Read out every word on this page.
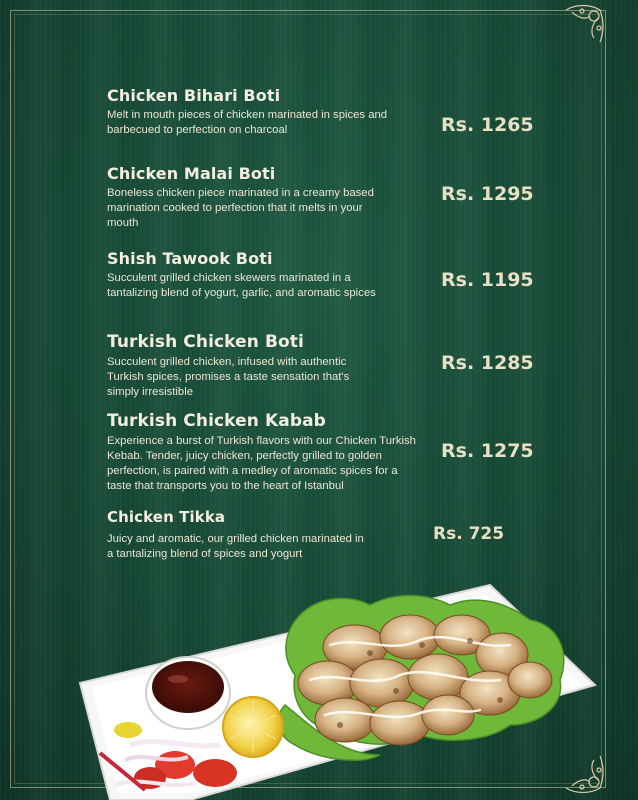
Chicken Bihari Boti
Melt in mouth pieces of chicken marinated in spices and barbecued to perfection on charcoal	Rs. 1265
Chicken Malai Boti
Boneless chicken piece marinated in a creamy based marination cooked to perfection that it melts in your mouth
Rs. 1295
Shish Tawook Boti
Succulent grilled chicken skewers marinated in a tantalizing blend of yogurt, garlic, and aromatic spices
Rs. 1195
Turkish Chicken Boti
Succulent grilled chicken, infused with authentic Turkish spices, promises a taste sensation that's simply irresistible
Rs. 1285
Turkish Chicken Kabab
Experience a burst of Turkish flavors with our Chicken Turkish Kebab. Tender, juicy chicken, perfectly grilled to golden perfection, is paired with a medley of aromatic spices for a taste that transports you to the heart of Istanbul
Rs. 1275
Chicken Tikka
Juicy and aromatic, our grilled chicken marinated in a tantalizing blend of spices and yogurt
Rs. 725
